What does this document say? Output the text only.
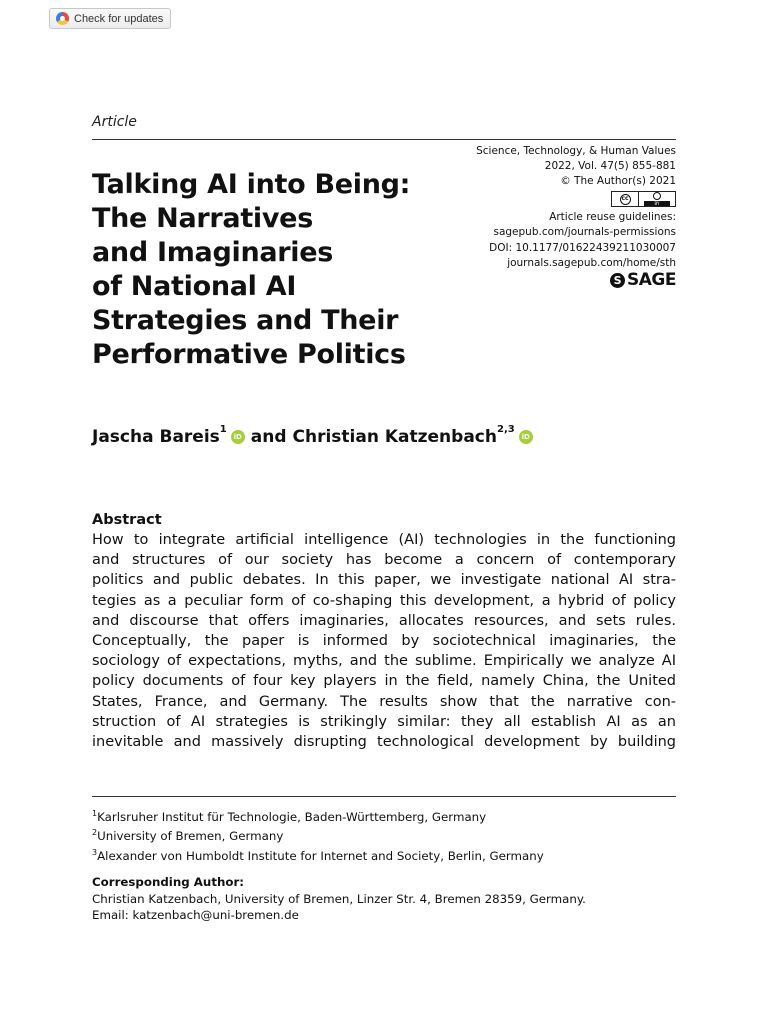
Check for updates
Article
Science, Technology, & Human Values
2022, Vol. 47(5) 855-881
© The Author(s) 2021
cc
BY
Article reuse guidelines:
sagepub.com/journals-permissions
DOI: 10.1177/01622439211030007
journals.sagepub.com/home/sth
S SAGE
Talking AI into Being:
The Narratives
and Imaginaries
of National AI
Strategies and Their
Performative Politics
Jascha Bareis$^1$
iD and Christian Katzenbach$^{2,3}$
iD
Abstract
How to integrate artificial intelligence (AI) technologies in the functioning
and structures of our society has become a concern of contemporary
politics and public debates. In this paper, we investigate national AI stra-
tegies as a peculiar form of co-shaping this development, a hybrid of policy
and discourse that offers imaginaries, allocates resources, and sets rules.
Conceptually, the paper is informed by sociotechnical imaginaries, the
sociology of expectations, myths, and the sublime. Empirically we analyze AI
policy documents of four key players in the field, namely China, the United
States, France, and Germany. The results show that the narrative con-
struction of AI strategies is strikingly similar: they all establish AI as an
inevitable and massively disrupting technological development by building
$^1$Karlsruher Institut für Technologie, Baden-Württemberg, Germany
$^2$University of Bremen, Germany
$^3$Alexander von Humboldt Institute for Internet and Society, Berlin, Germany
Corresponding Author:
Christian Katzenbach, University of Bremen, Linzer Str. 4, Bremen 28359, Germany.
Email: katzenbach@uni-bremen.de
